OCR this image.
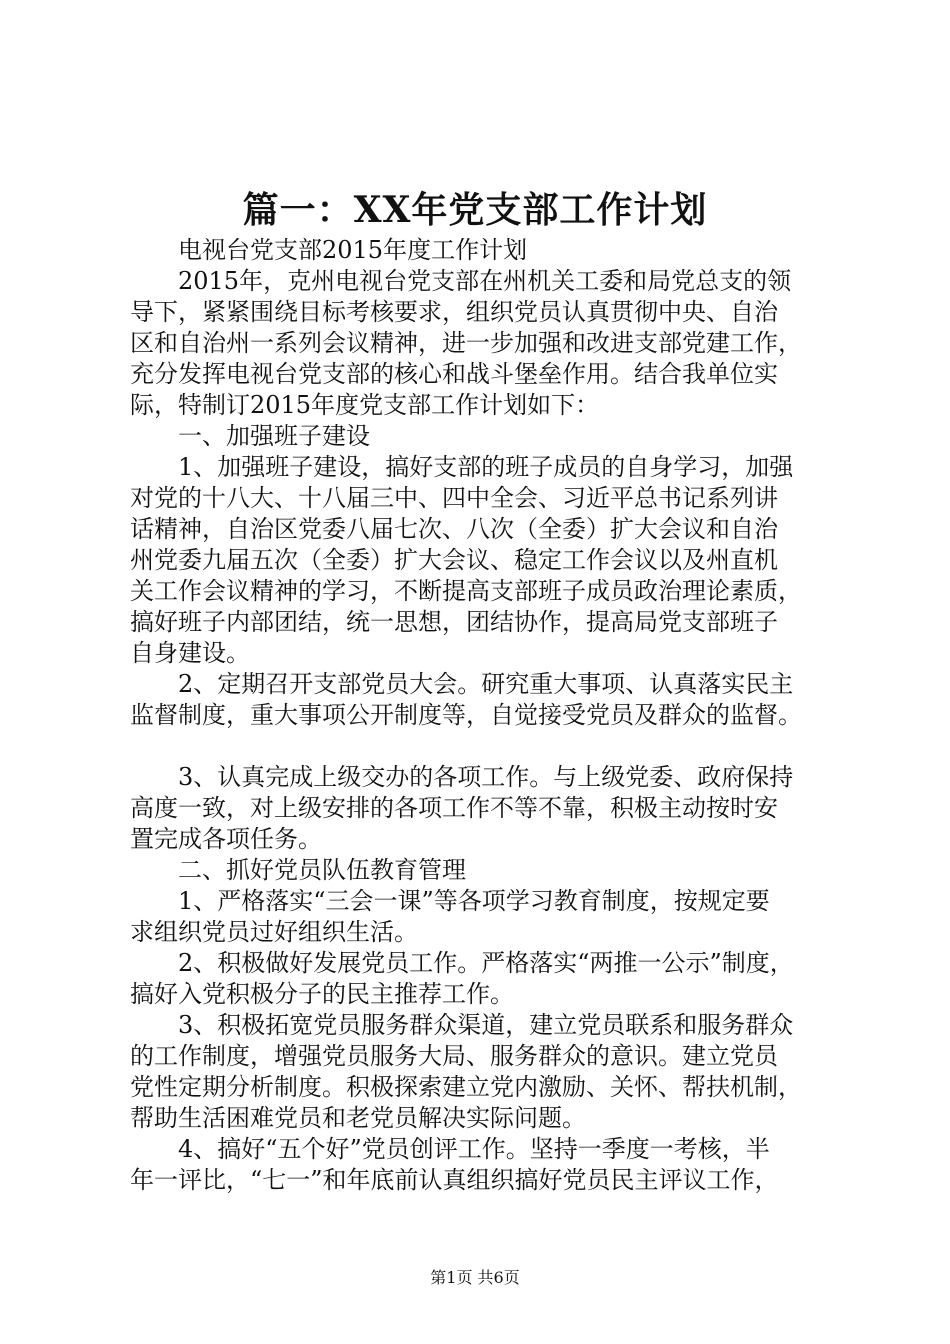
篇一：XX年党支部工作计划
电视台党支部2015年度工作计划
2015年，克州电视台党支部在州机关工委和局党总支的领
导下，紧紧围绕目标考核要求，组织党员认真贯彻中央、自治
区和自治州一系列会议精神，进一步加强和改进支部党建工作，
充分发挥电视台党支部的核心和战斗堡垒作用。结合我单位实
际，特制订2015年度党支部工作计划如下：
一、加强班子建设
1、加强班子建设，搞好支部的班子成员的自身学习，加强
对党的十八大、十八届三中、四中全会、习近平总书记系列讲
话精神，自治区党委八届七次、八次（全委）扩大会议和自治
州党委九届五次（全委）扩大会议、稳定工作会议以及州直机
关工作会议精神的学习，不断提高支部班子成员政治理论素质，
搞好班子内部团结，统一思想，团结协作，提高局党支部班子
自身建设。
2、定期召开支部党员大会。研究重大事项、认真落实民主
监督制度，重大事项公开制度等，自觉接受党员及群众的监督。
3、认真完成上级交办的各项工作。与上级党委、政府保持
高度一致，对上级安排的各项工作不等不靠，积极主动按时安
置完成各项任务。
二、抓好党员队伍教育管理
1、严格落实“三会一课”等各项学习教育制度，按规定要
求组织党员过好组织生活。
2、积极做好发展党员工作。严格落实“两推一公示”制度，
搞好入党积极分子的民主推荐工作。
3、积极拓宽党员服务群众渠道，建立党员联系和服务群众
的工作制度，增强党员服务大局、服务群众的意识。建立党员
党性定期分析制度。积极探索建立党内激励、关怀、帮扶机制，
帮助生活困难党员和老党员解决实际问题。
4、搞好“五个好”党员创评工作。坚持一季度一考核，半
年一评比，“七一”和年底前认真组织搞好党员民主评议工作，
第1页 共6页
